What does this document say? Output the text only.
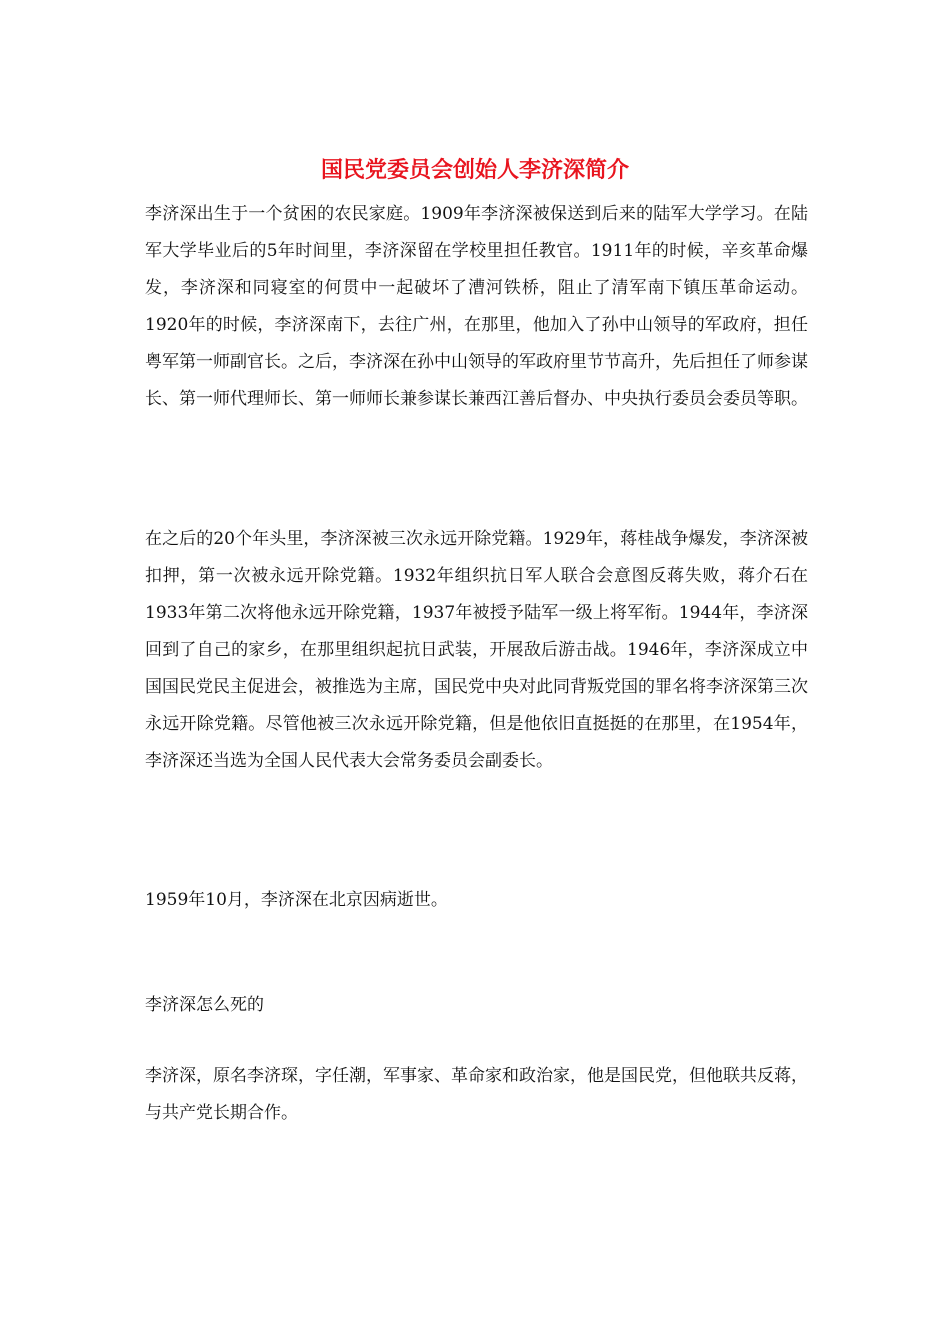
国民党委员会创始人李济深简介

李济深出生于一个贫困的农民家庭。1909年李济深被保送到后来的陆军大学学习。在陆军大学毕业后的5年时间里，李济深留在学校里担任教官。1911年的时候，辛亥革命爆发，李济深和同寝室的何贯中一起破坏了漕河铁桥，阻止了清军南下镇压革命运动。1920年的时候，李济深南下，去往广州，在那里，他加入了孙中山领导的军政府，担任粤军第一师副官长。之后，李济深在孙中山领导的军政府里节节高升，先后担任了师参谋长、第一师代理师长、第一师师长兼参谋长兼西江善后督办、中央执行委员会委员等职。

在之后的20个年头里，李济深被三次永远开除党籍。1929年，蒋桂战争爆发，李济深被扣押，第一次被永远开除党籍。1932年组织抗日军人联合会意图反蒋失败，蒋介石在1933年第二次将他永远开除党籍，1937年被授予陆军一级上将军衔。1944年，李济深回到了自己的家乡，在那里组织起抗日武装，开展敌后游击战。1946年，李济深成立中国国民党民主促进会，被推选为主席，国民党中央对此同背叛党国的罪名将李济深第三次永远开除党籍。尽管他被三次永远开除党籍，但是他依旧直挺挺的在那里，在1954年，李济深还当选为全国人民代表大会常务委员会副委长。

1959年10月，李济深在北京因病逝世。

李济深怎么死的

李济深，原名李济琛，字任潮，军事家、革命家和政治家，他是国民党，但他联共反蒋，与共产党长期合作。
